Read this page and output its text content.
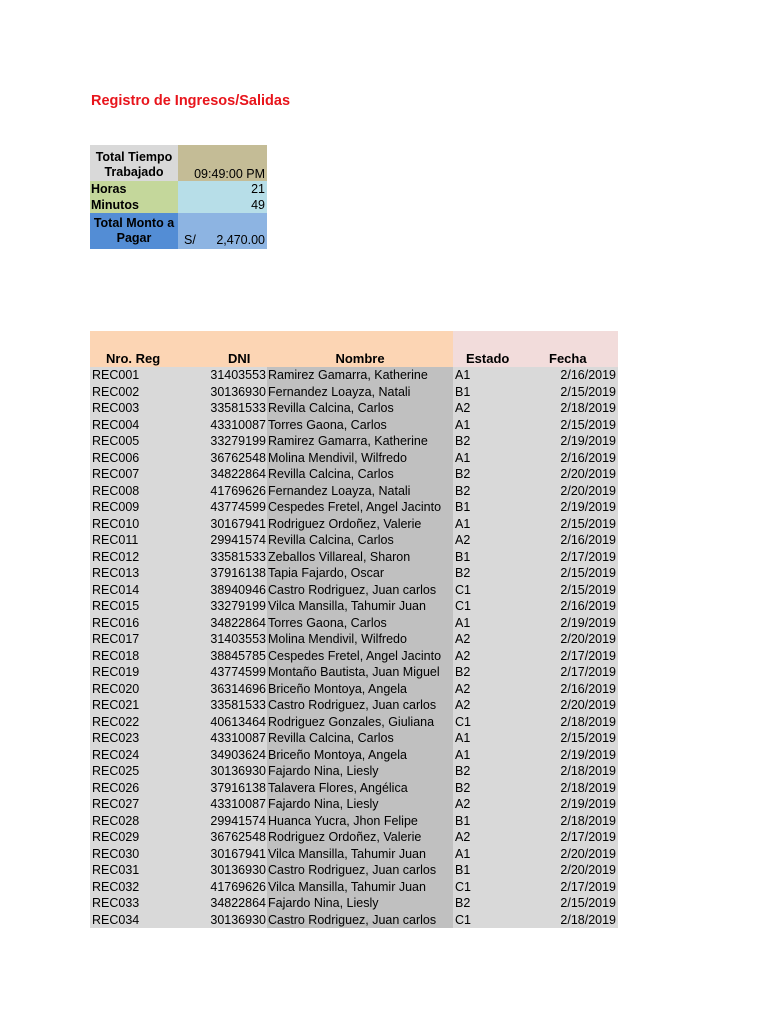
Registro de Ingresos/Salidas
Total Tiempo
Trabajado	09:49:00 PM
Horas	21
Minutos	49
Total Monto a
Pagar	S/ 2,470.00
Nro. Reg	DNI	Nombre	Estado	Fecha
REC001	31403553 Ramirez Gamarra, Katherine	A1	2/16/2019
REC002	30136930 Fernandez Loayza, Natali	B1	2/15/2019
REC003	33581533 Revilla Calcina, Carlos	A2	2/18/2019
REC004	43310087 Torres Gaona, Carlos	A1	2/15/2019
REC005	33279199 Ramirez Gamarra, Katherine	B2	2/19/2019
REC006	36762548 Molina Mendivil, Wilfredo	A1	2/16/2019
REC007	34822864 Revilla Calcina, Carlos	B2	2/20/2019
REC008	41769626 Fernandez Loayza, Natali	B2	2/20/2019
REC009	43774599 Cespedes Fretel, Angel Jacinto	B1	2/19/2019
REC010	30167941 Rodriguez Ordoñez, Valerie	A1	2/15/2019
REC011	29941574 Revilla Calcina, Carlos	A2	2/16/2019
REC012	33581533 Zeballos Villareal, Sharon	B1	2/17/2019
REC013	37916138 Tapia Fajardo, Oscar	B2	2/15/2019
REC014	38940946 Castro Rodriguez, Juan carlos	C1	2/15/2019
REC015	33279199 Vilca Mansilla, Tahumir Juan	C1	2/16/2019
REC016	34822864 Torres Gaona, Carlos	A1	2/19/2019
REC017	31403553 Molina Mendivil, Wilfredo	A2	2/20/2019
REC018	38845785 Cespedes Fretel, Angel Jacinto	A2	2/17/2019
REC019	43774599 Montaño Bautista, Juan Miguel	B2	2/17/2019
REC020	36314696 Briceño Montoya, Angela	A2	2/16/2019
REC021	33581533 Castro Rodriguez, Juan carlos	A2	2/20/2019
REC022	40613464 Rodriguez Gonzales, Giuliana	C1	2/18/2019
REC023	43310087 Revilla Calcina, Carlos	A1	2/15/2019
REC024	34903624 Briceño Montoya, Angela	A1	2/19/2019
REC025	30136930 Fajardo Nina, Liesly	B2	2/18/2019
REC026	37916138 Talavera Flores, Angélica	B2	2/18/2019
REC027	43310087 Fajardo Nina, Liesly	A2	2/19/2019
REC028	29941574 Huanca Yucra, Jhon Felipe	B1	2/18/2019
REC029	36762548 Rodriguez Ordoñez, Valerie	A2	2/17/2019
REC030	30167941 Vilca Mansilla, Tahumir Juan	A1	2/20/2019
REC031	30136930 Castro Rodriguez, Juan carlos	B1	2/20/2019
REC032	41769626 Vilca Mansilla, Tahumir Juan	C1	2/17/2019
REC033	34822864 Fajardo Nina, Liesly	B2	2/15/2019
REC034	30136930 Castro Rodriguez, Juan carlos	C1	2/18/2019
